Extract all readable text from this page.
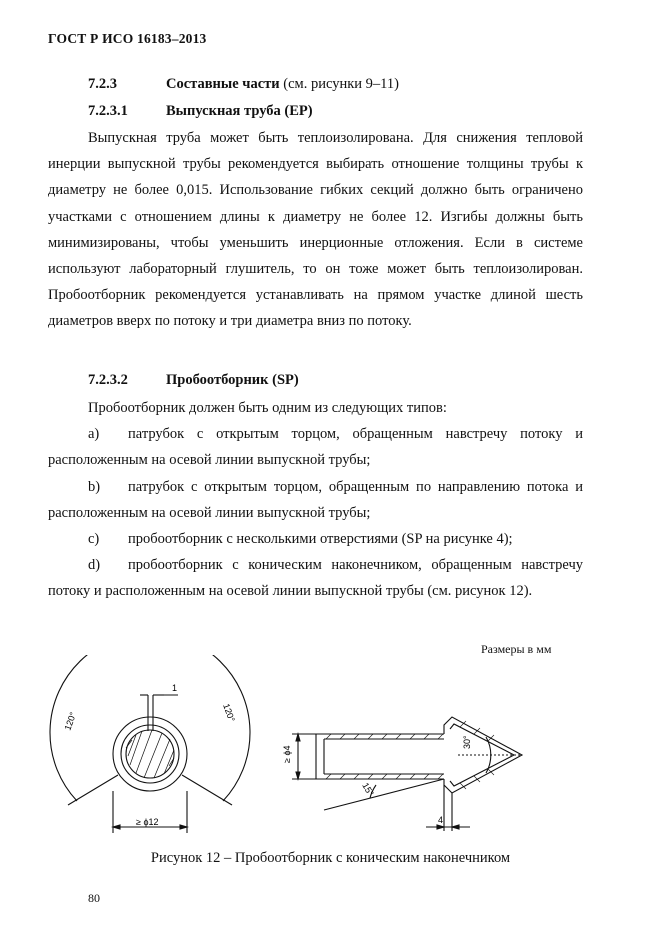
ГОСТ Р ИСО 16183–2013
7.2.3	Составные части (см. рисунки 9–11)
7.2.3.1	Выпускная труба (ЕР)

Выпускная труба может быть теплоизолирована. Для снижения тепловой инерции выпускной трубы рекомендуется выбирать отношение толщины трубы к диаметру не более 0,015. Использование гибких секций должно быть ограничено участками с отношением длины к диаметру не более 12. Изгибы должны быть минимизированы, чтобы уменьшить инерционные отложения. Если в системе используют лабораторный глушитель, то он тоже может быть теплоизолирован. Пробоотборник рекомендуется устанавливать на прямом участке длиной шесть диаметров вверх по потоку и три диаметра вниз по потоку.

7.2.3.2	Пробоотборник (SP)

Пробоотборник должен быть одним из следующих типов:

a) патрубок с открытым торцом, обращенным навстречу потоку и расположенным на осевой линии выпускной трубы;

b) патрубок с открытым торцом, обращенным по направлению потока и расположенным на осевой линии выпускной трубы;

c) пробоотборник с несколькими отверстиями (SP на рисунке 4);

d) пробоотборник с коническим наконечником, обращенным навстречу потоку и расположенным на осевой линии выпускной трубы (см. рисунок 12).

Размеры в мм
1
120°	120°
≥ ϕ12
≥ ϕ4
30°
15°
4
Рисунок 12 – Пробоотборник с коническим наконечником
80
